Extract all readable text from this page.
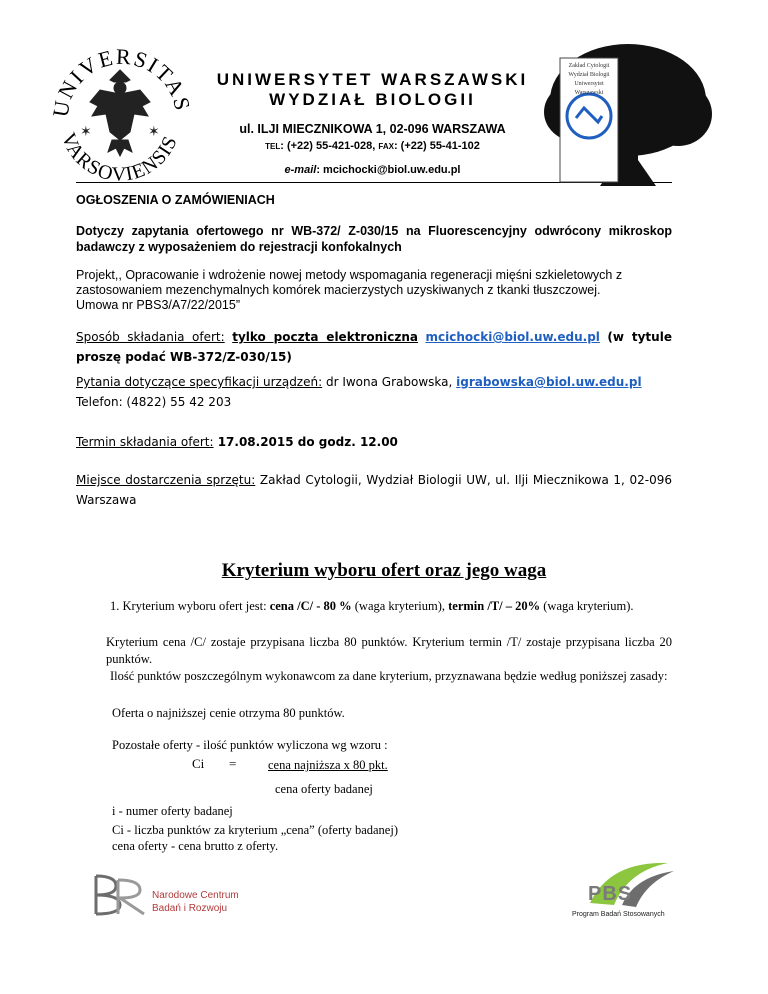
UNIVERSITA
VARSOVIENSIS
✶	✶
UNIWERSYTET WARSZAWSKI
WYDZIAŁ BIOLOGII
ul. ILJI MIECZNIKOWA 1, 02-096 WARSZAWA
TEL: (+22) 55-421-028, FAX: (+22) 55-41-102
e-mail: mcichocki@biol.uw.edu.pl
Zakład Cytologii Wydział Biologii Uniwersytet Warszawski
OGŁOSZENIA O ZAMÓWIENIACH

Dotyczy zapytania ofertowego nr WB-372/ Z-030/15 na Fluorescencyjny odwrócony mikroskop badawczy z wyposażeniem do rejestracji konfokalnych

Projekt,, Opracowanie i wdrożenie nowej metody wspomagania regeneracji mięśni szkieletowych z zastosowaniem mezenchymalnych komórek macierzystych uzyskiwanych z tkanki tłuszczowej. Umowa nr PBS3/A7/22/2015”

Sposób składania ofert: tylko poczta elektroniczna mcichocki@biol.uw.edu.pl (w tytule proszę podać WB-372/Z-030/15)

Pytania dotyczące specyfikacji urządzeń: dr Iwona Grabowska, igrabowska@biol.uw.edu.pl
Telefon: (4822) 55 42 203

Termin składania ofert: 17.08.2015 do godz. 12.00

Miejsce dostarczenia sprzętu: Zakład Cytologii, Wydział Biologii UW, ul. Ilji Miecznikowa 1, 02-096 Warszawa

Kryterium wyboru ofert oraz jego waga

1. Kryterium wyboru ofert jest: cena /C/ - 80 % (waga kryterium), termin /T/ – 20% (waga kryterium).

Kryterium cena /C/ zostaje przypisana liczba 80 punktów. Kryterium termin /T/ zostaje przypisana liczba 20 punktów.

Ilość punktów poszczególnym wykonawcom za dane kryterium, przyznawana będzie według poniższej zasady:

Oferta o najniższej cenie otrzyma 80 punktów.

Pozostałe oferty - ilość punktów wyliczona wg wzoru :

Ci =	cena najniższa x 80 pkt.
cena oferty badanej

i - numer oferty badanej

Ci - liczba punktów za kryterium „cena” (oferty badanej) cena oferty - cena brutto z oferty.

Narodowe Centrum
Badań i Rozwoju
PBS
Program Badań Stosowanych
